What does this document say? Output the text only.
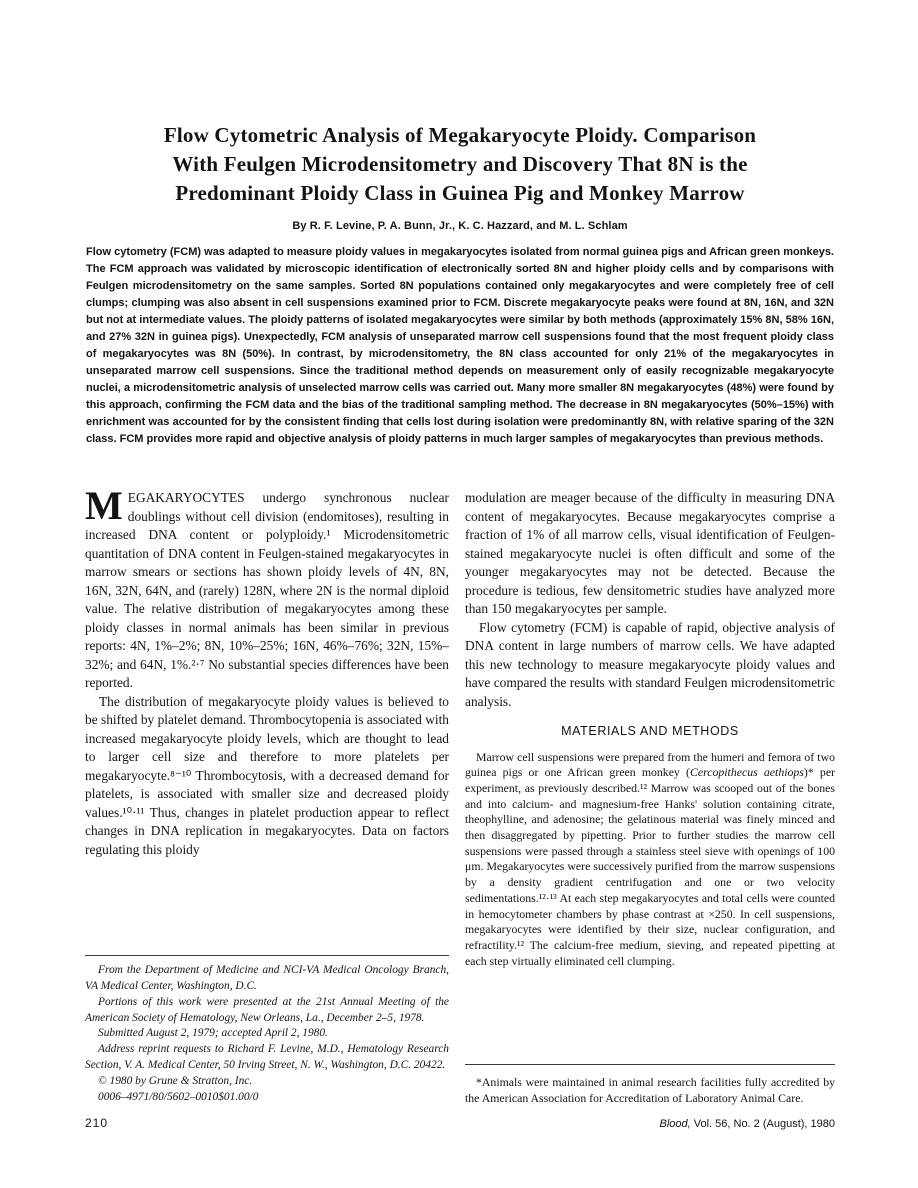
Flow Cytometric Analysis of Megakaryocyte Ploidy. Comparison
With Feulgen Microdensitometry and Discovery That 8N is the
Predominant Ploidy Class in Guinea Pig and Monkey Marrow
By R. F. Levine, P. A. Bunn, Jr., K. C. Hazzard, and M. L. Schlam
Flow cytometry (FCM) was adapted to measure ploidy values in megakaryocytes isolated from normal guinea pigs and African green monkeys. The FCM approach was validated by microscopic identification of electronically sorted 8N and higher ploidy cells and by comparisons with Feulgen microdensitometry on the same samples. Sorted 8N populations contained only megakaryocytes and were completely free of cell clumps; clumping was also absent in cell suspensions examined prior to FCM. Discrete megakaryocyte peaks were found at 8N, 16N, and 32N but not at intermediate values. The ploidy patterns of isolated megakaryocytes were similar by both methods (approximately 15% 8N, 58% 16N, and 27% 32N in guinea pigs). Unexpectedly, FCM analysis of unseparated marrow cell suspensions found that the most frequent ploidy class of megakaryocytes was 8N (50%). In contrast, by microdensitometry, the 8N class accounted for only 21% of the megakaryocytes in unseparated marrow cell suspensions. Since the traditional method depends on measurement only of easily recognizable megakaryocyte nuclei, a microdensitometric analysis of unselected marrow cells was carried out. Many more smaller 8N megakaryocytes (48%) were found by this approach, confirming the FCM data and the bias of the traditional sampling method. The decrease in 8N megakaryocytes (50%–15%) with enrichment was accounted for by the consistent finding that cells lost during isolation were predominantly 8N, with relative sparing of the 32N class. FCM provides more rapid and objective analysis of ploidy patterns in much larger samples of megakaryocytes than previous methods.

MEGAKARYOCYTES undergo synchronous nuclear doublings without cell division (endomitoses), resulting in increased DNA content or polyploidy.¹ Microdensitometric quantitation of DNA content in Feulgen-stained megakaryocytes in marrow smears or sections has shown ploidy levels of 4N, 8N, 16N, 32N, 64N, and (rarely) 128N, where 2N is the normal diploid value. The relative distribution of megakaryocytes among these ploidy classes in normal animals has been similar in previous reports: 4N, 1%–2%; 8N, 10%–25%; 16N, 46%–76%; 32N, 15%–32%; and 64N, 1%.²·⁷ No substantial species differences have been reported.

The distribution of megakaryocyte ploidy values is believed to be shifted by platelet demand. Thrombocytopenia is associated with increased megakaryocyte ploidy levels, which are thought to lead to larger cell size and therefore to more platelets per megakaryocyte.⁸⁻¹⁰ Thrombocytosis, with a decreased demand for platelets, is associated with smaller size and decreased ploidy values.¹⁰·¹¹ Thus, changes in platelet production appear to reflect changes in DNA replication in megakaryocytes. Data on factors regulating this ploidy

From the Department of Medicine and NCI-VA Medical Oncology Branch, VA Medical Center, Washington, D.C.

Portions of this work were presented at the 21st Annual Meeting of the American Society of Hematology, New Orleans, La., December 2–5, 1978.

Submitted August 2, 1979; accepted April 2, 1980.

Address reprint requests to Richard F. Levine, M.D., Hematology Research Section, V. A. Medical Center, 50 Irving Street, N. W., Washington, D.C. 20422.

© 1980 by Grune & Stratton, Inc.

0006–4971/80/5602–0010$01.00/0

modulation are meager because of the difficulty in measuring DNA content of megakaryocytes. Because megakaryocytes comprise a fraction of 1% of all marrow cells, visual identification of Feulgen-stained megakaryocyte nuclei is often difficult and some of the younger megakaryocytes may not be detected. Because the procedure is tedious, few densitometric studies have analyzed more than 150 megakaryocytes per sample.

Flow cytometry (FCM) is capable of rapid, objective analysis of DNA content in large numbers of marrow cells. We have adapted this new technology to measure megakaryocyte ploidy values and have compared the results with standard Feulgen microdensitometric analysis.

MATERIALS AND METHODS

Marrow cell suspensions were prepared from the humeri and femora of two guinea pigs or one African green monkey (Cercopithecus aethiops)* per experiment, as previously described.¹² Marrow was scooped out of the bones and into calcium- and magnesium-free Hanks' solution containing citrate, theophylline, and adenosine; the gelatinous material was finely minced and then disaggregated by pipetting. Prior to further studies the marrow cell suspensions were passed through a stainless steel sieve with openings of 100 μm. Megakaryocytes were successively purified from the marrow suspensions by a density gradient centrifugation and one or two velocity sedimentations.¹²·¹³ At each step megakaryocytes and total cells were counted in hemocytometer chambers by phase contrast at ×250. In cell suspensions, megakaryocytes were identified by their size, nuclear configuration, and refractility.¹² The calcium-free medium, sieving, and repeated pipetting at each step virtually eliminated cell clumping.

*Animals were maintained in animal research facilities fully accredited by the American Association for Accreditation of Laboratory Animal Care.

210	Blood, Vol. 56, No. 2 (August), 1980
